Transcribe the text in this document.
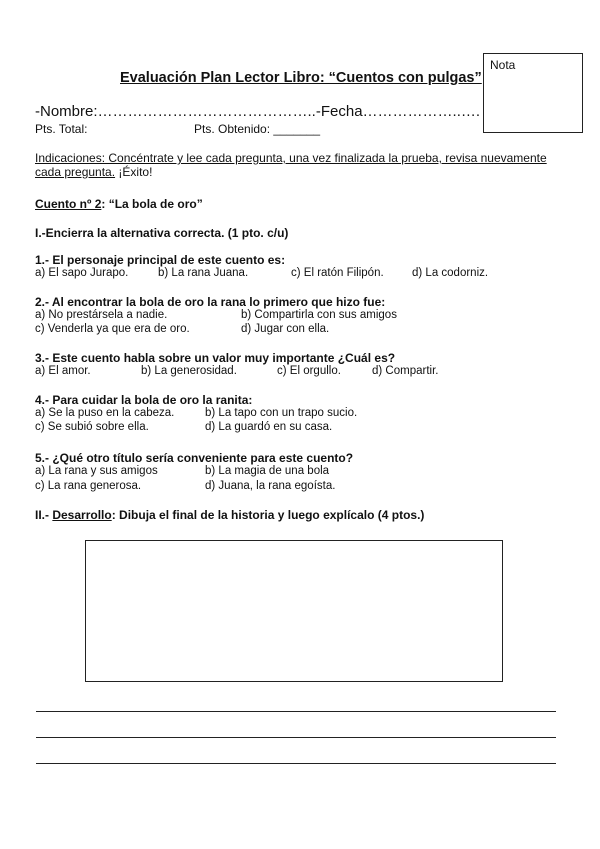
Nota
Evaluación Plan Lector Libro: “Cuentos con pulgas”
-Nombre:……………………………………..-Fecha………………..….
Pts. Total:	Pts. Obtenido: _______
Indicaciones: Concéntrate y lee cada pregunta, una vez finalizada la prueba, revisa nuevamente cada pregunta. ¡Éxito!
Cuento nº 2: “La bola de oro”
I.-Encierra la alternativa correcta. (1 pto. c/u)
1.- El personaje principal de este cuento es:
a) El sapo Jurapo.	b) La rana Juana.	c) El ratón Filipón. d) La codorniz.
2.- Al encontrar la bola de oro la rana lo primero que hizo fue:
a) No prestársela a nadie.	b) Compartirla con sus amigos
c) Venderla ya que era de oro.	d) Jugar con ella.
3.- Este cuento habla sobre un valor muy importante ¿Cuál es?
a) El amor.	b) La generosidad.	c) El orgullo.	d) Compartir.
4.- Para cuidar la bola de oro la ranita:
a) Se la puso en la cabeza.	b) La tapo con un trapo sucio.
c) Se subió sobre ella.	d) La guardó en su casa.
5.- ¿Qué otro título sería conveniente para este cuento?
a) La rana y sus amigos	b) La magia de una bola
c) La rana generosa.	d) Juana, la rana egoísta.
II.- Desarrollo: Dibuja el final de la historia y luego explícalo (4 ptos.)
